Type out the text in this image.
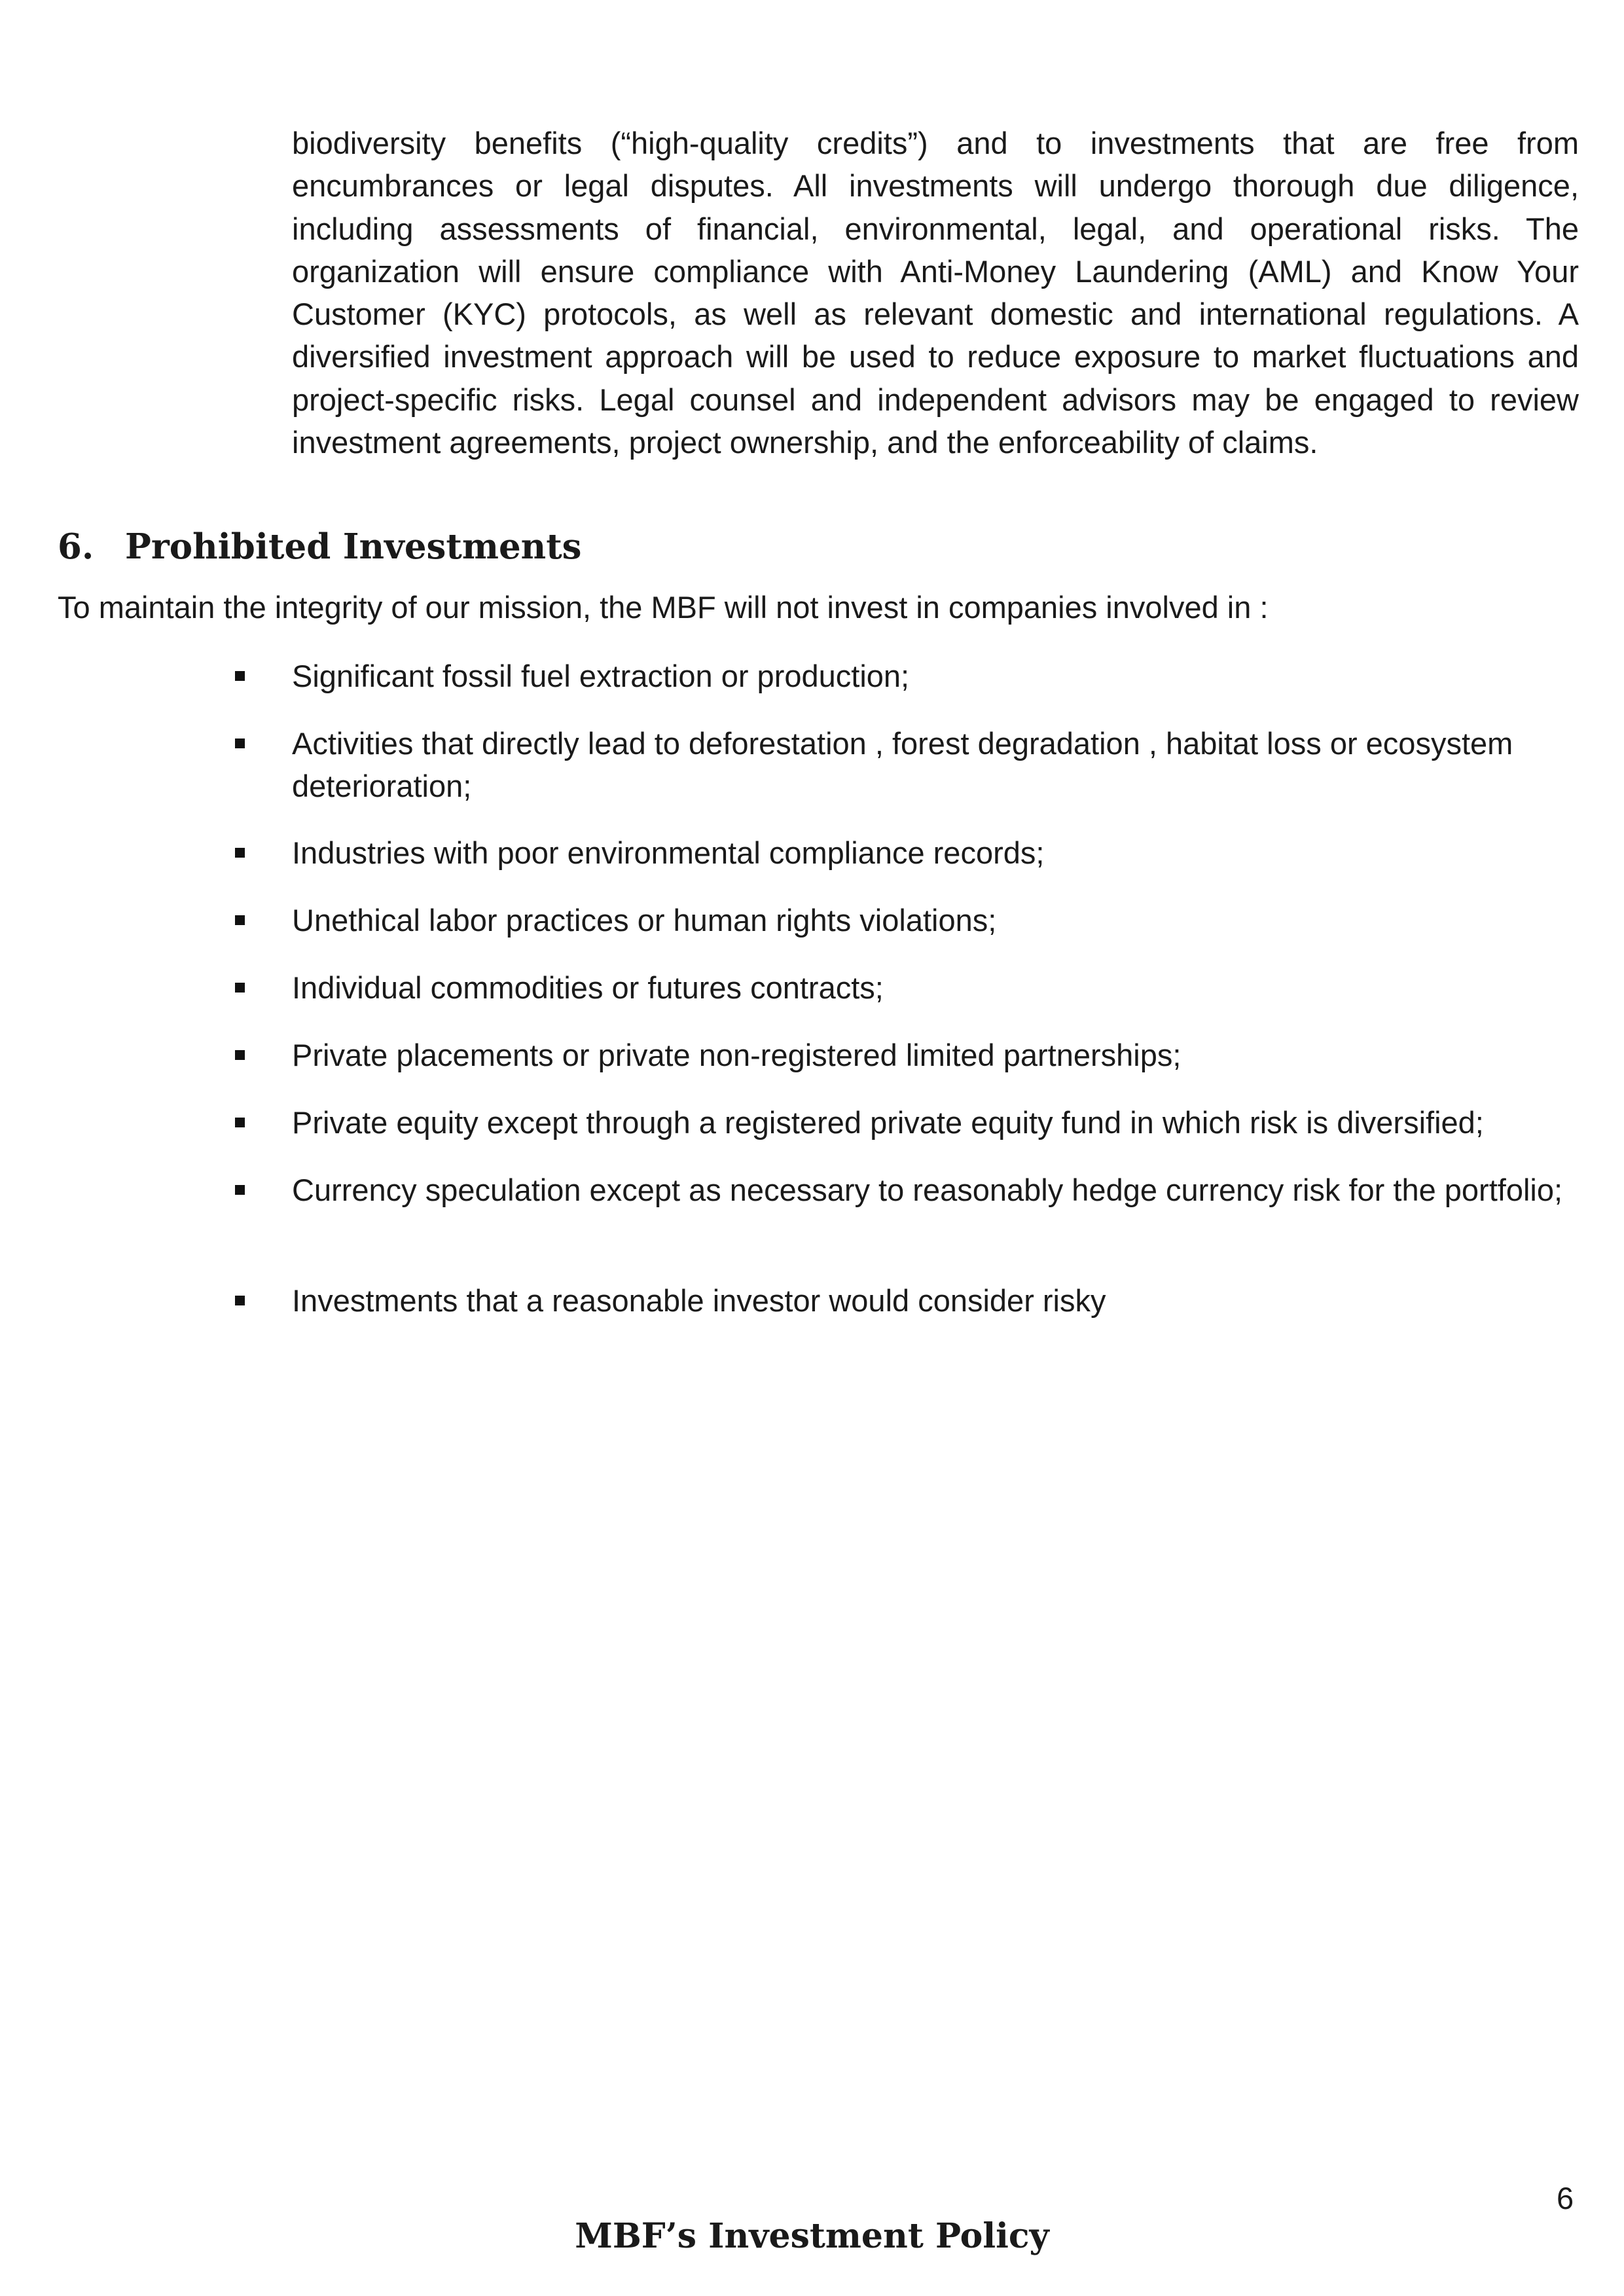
biodiversity benefits (“high-quality credits”) and to investments that are free from encumbrances or legal disputes. All investments will undergo thorough due diligence, including assessments of financial, environmental, legal, and operational risks. The organization will ensure compliance with Anti-Money Laundering (AML) and Know Your Customer (KYC) protocols, as well as relevant domestic and international regulations. A diversified investment approach will be used to reduce exposure to market fluctuations and project-specific risks. Legal counsel and independent advisors may be engaged to review investment agreements, project ownership, and the enforceability of claims.

6. Prohibited Investments

To maintain the integrity of our mission, the MBF will not invest in companies involved in :

Significant fossil fuel extraction or production;
Activities that directly lead to deforestation , forest degradation , habitat loss or ecosystem deterioration;
Industries with poor environmental compliance records;
Unethical labor practices or human rights violations;
Individual commodities or futures contracts;
Private placements or private non-registered limited partnerships;
Private equity except through a registered private equity fund in which risk is diversified;
Currency speculation except as necessary to reasonably hedge currency risk for the portfolio;
Investments that a reasonable investor would consider risky
6
MBF’s Investment Policy
